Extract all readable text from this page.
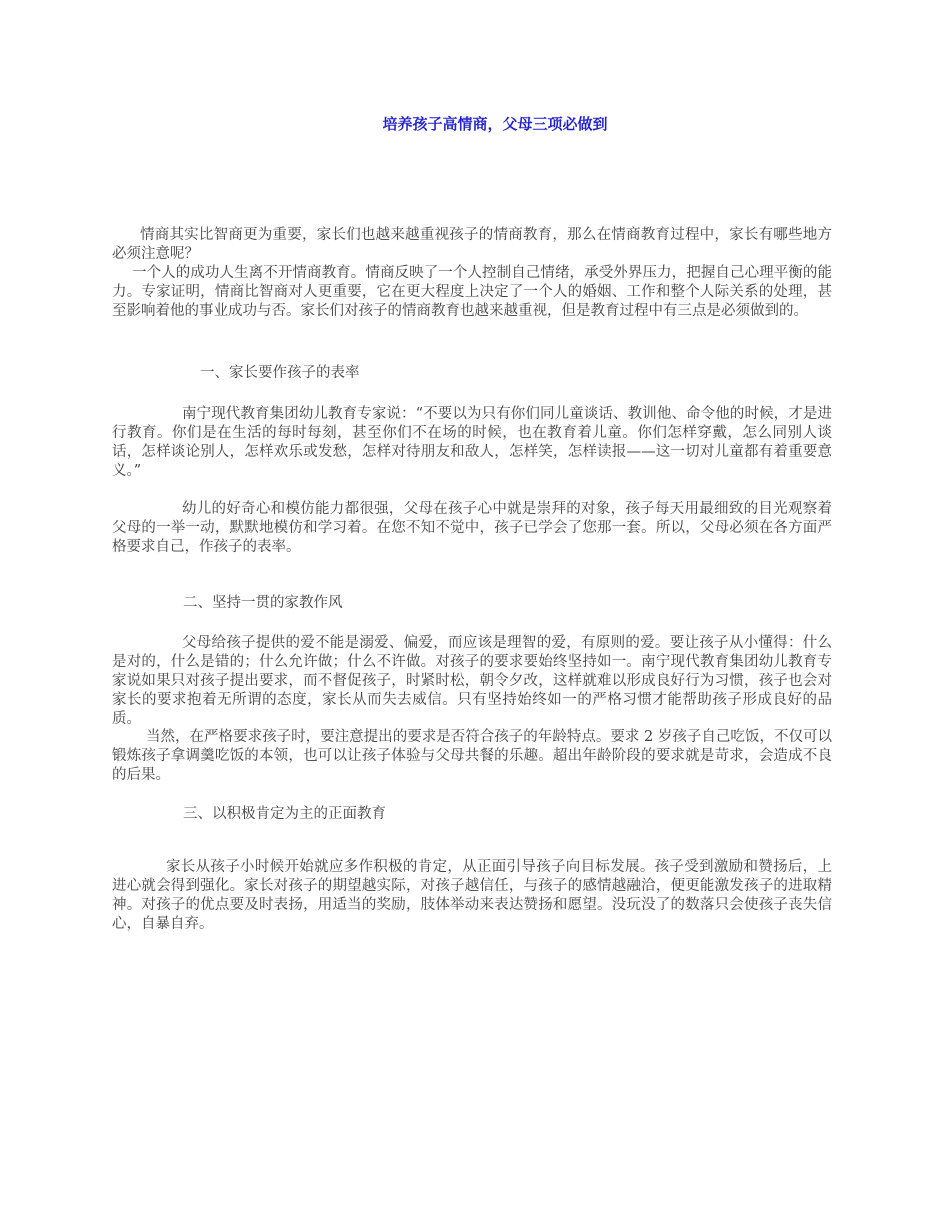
培养孩子高情商，父母三项必做到

情商其实比智商更为重要，家长们也越来越重视孩子的情商教育，那么在情商教育过程中，家长有哪些地方必须注意呢？

一个人的成功人生离不开情商教育。情商反映了一个人控制自己情绪，承受外界压力，把握自己心理平衡的能力。专家证明，情商比智商对人更重要，它在更大程度上决定了一个人的婚姻、工作和整个人际关系的处理，甚至影响着他的事业成功与否。家长们对孩子的情商教育也越来越重视，但是教育过程中有三点是必须做到的。

一、家长要作孩子的表率

南宁现代教育集团幼儿教育专家说：“不要以为只有你们同儿童谈话、教训他、命令他的时候，才是进行教育。你们是在生活的每时每刻，甚至你们不在场的时候，也在教育着儿童。你们怎样穿戴，怎么同别人谈话，怎样谈论别人，怎样欢乐或发愁，怎样对待朋友和敌人，怎样笑，怎样读报——这一切对儿童都有着重要意义。”

幼儿的好奇心和模仿能力都很强，父母在孩子心中就是崇拜的对象，孩子每天用最细致的目光观察着父母的一举一动，默默地模仿和学习着。在您不知不觉中，孩子已学会了您那一套。所以，父母必须在各方面严格要求自己，作孩子的表率。

二、坚持一贯的家教作风

父母给孩子提供的爱不能是溺爱、偏爱，而应该是理智的爱，有原则的爱。要让孩子从小懂得：什么是对的，什么是错的；什么允许做；什么不许做。对孩子的要求要始终坚持如一。南宁现代教育集团幼儿教育专家说如果只对孩子提出要求，而不督促孩子，时紧时松，朝令夕改，这样就难以形成良好行为习惯，孩子也会对家长的要求抱着无所谓的态度，家长从而失去威信。只有坚持始终如一的严格习惯才能帮助孩子形成良好的品质。

当然，在严格要求孩子时，要注意提出的要求是否符合孩子的年龄特点。要求 2 岁孩子自己吃饭，不仅可以锻炼孩子拿调羹吃饭的本领，也可以让孩子体验与父母共餐的乐趣。超出年龄阶段的要求就是苛求，会造成不良的后果。

三、以积极肯定为主的正面教育

家长从孩子小时候开始就应多作积极的肯定，从正面引导孩子向目标发展。孩子受到激励和赞扬后，上进心就会得到强化。家长对孩子的期望越实际，对孩子越信任，与孩子的感情越融洽，便更能激发孩子的进取精神。对孩子的优点要及时表扬，用适当的奖励，肢体举动来表达赞扬和愿望。没玩没了的数落只会使孩子丧失信心，自暴自弃。
